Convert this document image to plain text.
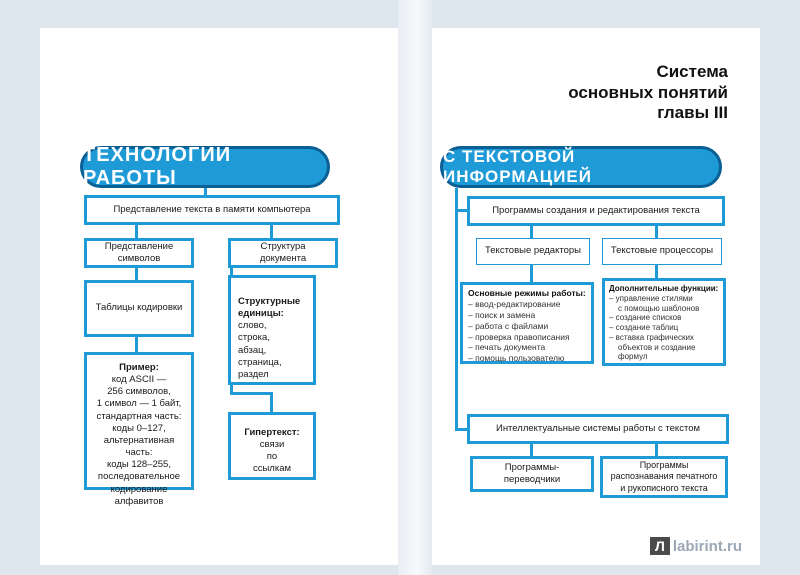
Система
основных понятий
главы III
ТЕХНОЛОГИИ РАБОТЫ
С ТЕКСТОВОЙ ИНФОРМАЦИЕЙ
Представление текста в памяти компьютера
Представление символов
Структура документа
Таблицы кодировки
Структурные единицы:
слово,
строка,
абзац,
страница,
раздел
Пример:
код ASCII —
256 символов,
1 символ — 1 байт,
стандартная часть:
коды 0–127,
альтернативная часть:
коды 128–255,
последовательное
кодирование
алфавитов
Гипертекст:
связи
по
ссылкам
Программы создания и редактирования текста
Текстовые редакторы	Текстовые процессоры
Основные режимы работы:
– ввод-редактирование
– поиск и замена
– работа с файлами
– проверка правописания
– печать документа
– помощь пользователю
Дополнительные функции:
– управление стилями
с помощью шаблонов
– создание списков
– создание таблиц
– вставка графических
объектов и создание
формул
Интеллектуальные системы работы с текстом
Программы-переводчики
Программы распознавания печатного и рукописного текста
Л labirint.ru
